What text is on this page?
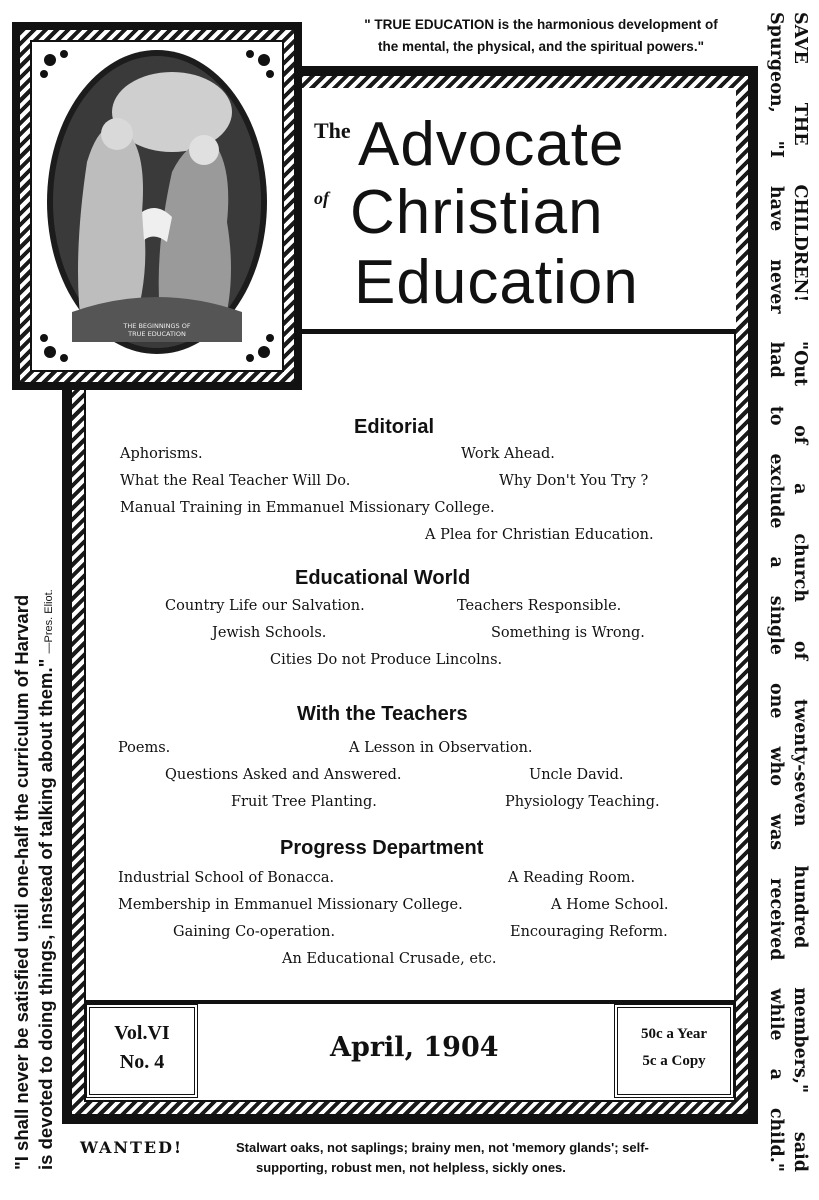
" TRUE EDUCATION is the harmonious development of
the mental, the physical, and the spiritual powers."
The Advocate
of Christian
Education
THE BEGINNINGS OF
TRUE EDUCATION
Editorial
Aphorisms.	Work Ahead.
What the Real Teacher Will Do.	Why Don't You Try ?
Manual Training in Emmanuel Missionary College.
A Plea for Christian Education.
Educational World
Country Life our Salvation.	Teachers Responsible.
Jewish Schools.	Something is Wrong.
Cities Do not Produce Lincolns.
With the Teachers
Poems.	A Lesson in Observation.
Questions Asked and Answered.	Uncle David.
Fruit Tree Planting.	Physiology Teaching.
Progress Department
Industrial School of Bonacca.	A Reading Room.
Membership in Emmanuel Missionary College.	A Home School.
Gaining Co-operation.	Encouraging Reform.
An Educational Crusade, etc.
Vol.VI
No. 4	April, 1904	50c a Year
5c a Copy
"I shall never be satisfied until one-half the curriculum of Harvard is devoted to doing things, instead of talking about them." —Pres. Eliot.	SAVE THE CHILDREN! "Out of a church of twenty-seven hundred members," said
Spurgeon, "I have never had to exclude a single one who was received while a child."
WANTED!	Stalwart oaks, not saplings; brainy men, not 'memory glands'; self-
supporting, robust men, not helpless, sickly ones.
